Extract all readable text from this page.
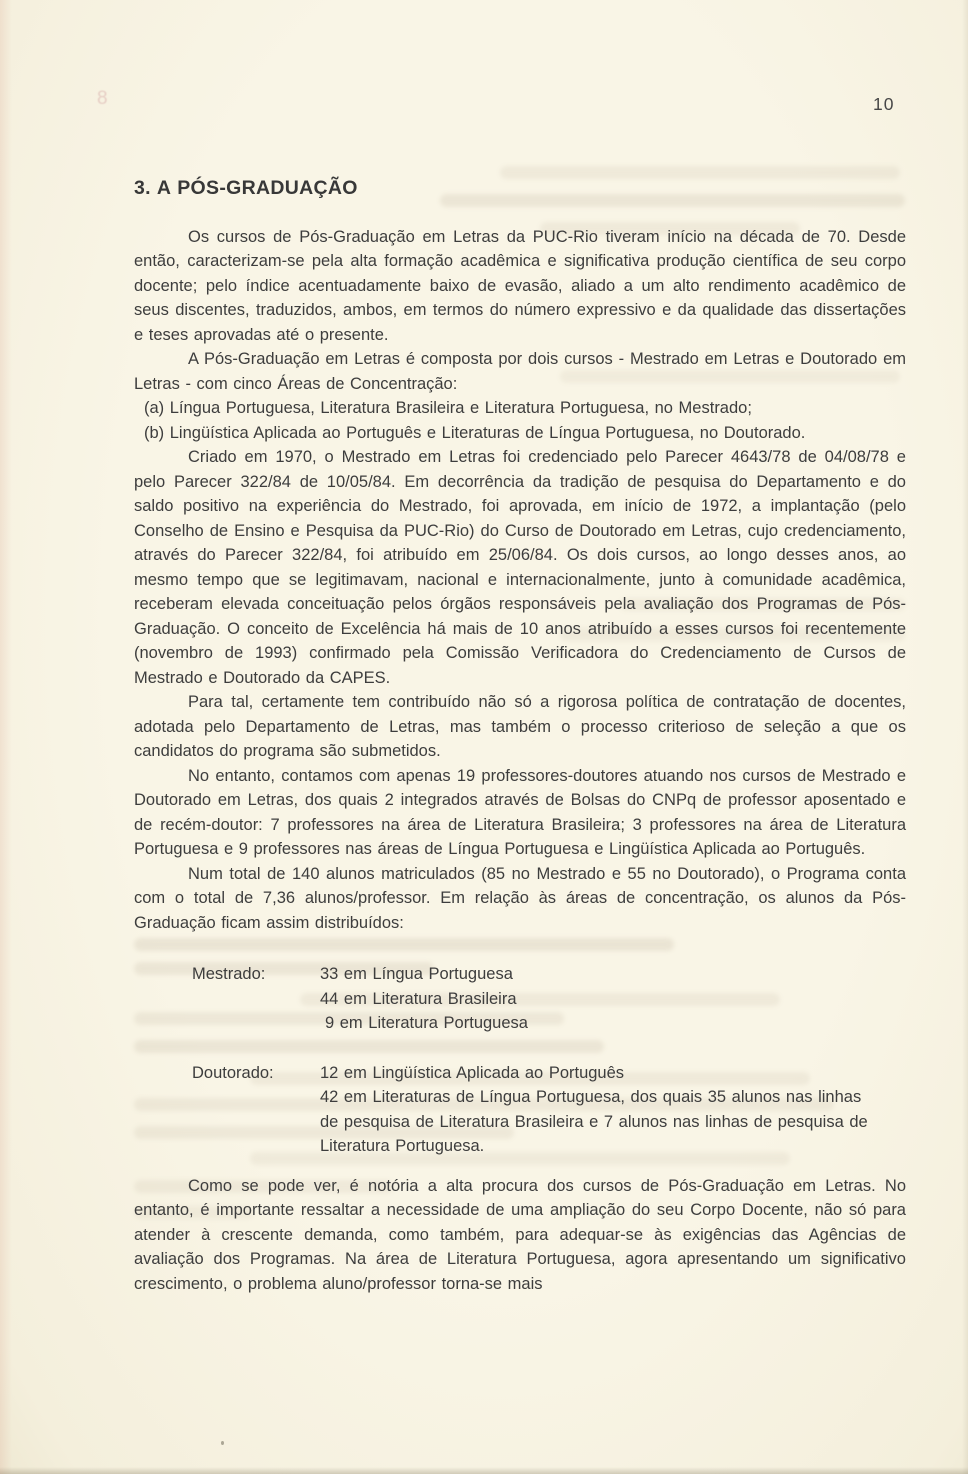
8	10
3. A PÓS-GRADUAÇÃO

Os cursos de Pós-Graduação em Letras da PUC-Rio tiveram início na década de 70. Desde então, caracterizam-se pela alta formação acadêmica e significativa produção científica de seu corpo docente; pelo índice acentuadamente baixo de evasão, aliado a um alto rendimento acadêmico de seus discentes, traduzidos, ambos, em termos do número expressivo e da qualidade das dissertações e teses aprovadas até o presente.

A Pós-Graduação em Letras é composta por dois cursos - Mestrado em Letras e Doutorado em Letras - com cinco Áreas de Concentração:

(a) Língua Portuguesa, Literatura Brasileira e Literatura Portuguesa, no Mestrado;

(b) Lingüística Aplicada ao Português e Literaturas de Língua Portuguesa, no Doutorado.

Criado em 1970, o Mestrado em Letras foi credenciado pelo Parecer 4643/78 de 04/08/78 e pelo Parecer 322/84 de 10/05/84. Em decorrência da tradição de pesquisa do Departamento e do saldo positivo na experiência do Mestrado, foi aprovada, em início de 1972, a implantação (pelo Conselho de Ensino e Pesquisa da PUC-Rio) do Curso de Doutorado em Letras, cujo credenciamento, através do Parecer 322/84, foi atribuído em 25/06/84. Os dois cursos, ao longo desses anos, ao mesmo tempo que se legitimavam, nacional e internacionalmente, junto à comunidade acadêmica, receberam elevada conceituação pelos órgãos responsáveis pela avaliação dos Programas de Pós-Graduação. O conceito de Excelência há mais de 10 anos atribuído a esses cursos foi recentemente (novembro de 1993) confirmado pela Comissão Verificadora do Credenciamento de Cursos de Mestrado e Doutorado da CAPES.

Para tal, certamente tem contribuído não só a rigorosa política de contratação de docentes, adotada pelo Departamento de Letras, mas também o processo criterioso de seleção a que os candidatos do programa são submetidos.

No entanto, contamos com apenas 19 professores-doutores atuando nos cursos de Mestrado e Doutorado em Letras, dos quais 2 integrados através de Bolsas do CNPq de professor aposentado e de recém-doutor: 7 professores na área de Literatura Brasileira; 3 professores na área de Literatura Portuguesa e 9 professores nas áreas de Língua Portuguesa e Lingüística Aplicada ao Português.

Num total de 140 alunos matriculados (85 no Mestrado e 55 no Doutorado), o Programa conta com o total de 7,36 alunos/professor. Em relação às áreas de concentração, os alunos da Pós-Graduação ficam assim distribuídos:

Mestrado:	33 em Língua Portuguesa
44 em Literatura Brasileira
9 em Literatura Portuguesa
Doutorado:	12 em Lingüística Aplicada ao Português
42 em Literaturas de Língua Portuguesa, dos quais 35 alunos nas linhas de pesquisa de Literatura Brasileira e 7 alunos nas linhas de pesquisa de Literatura Portuguesa.

Como se pode ver, é notória a alta procura dos cursos de Pós-Graduação em Letras. No entanto, é importante ressaltar a necessidade de uma ampliação do seu Corpo Docente, não só para atender à crescente demanda, como também, para adequar-se às exigências das Agências de avaliação dos Programas. Na área de Literatura Portuguesa, agora apresentando um significativo crescimento, o problema aluno/professor torna-se mais
